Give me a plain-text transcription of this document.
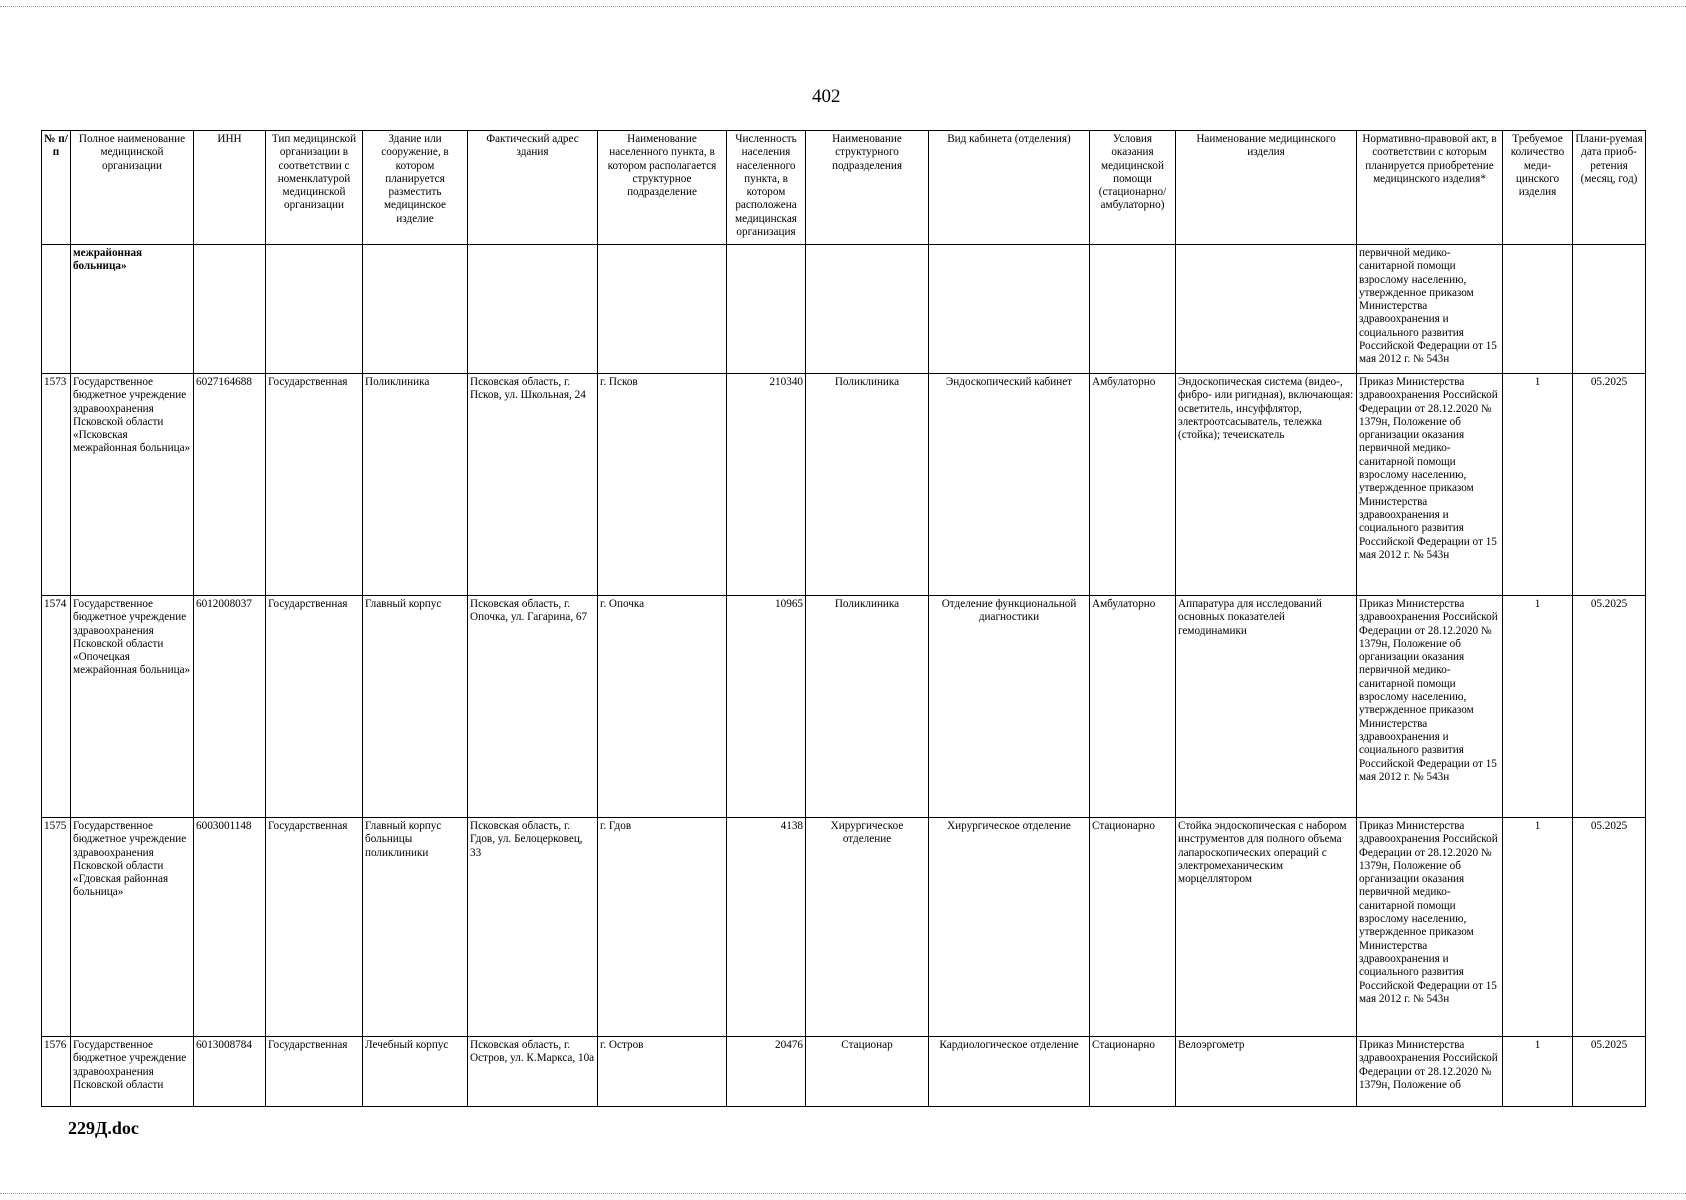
402
№ п/п	Полное наименование медицинской организации	ИНН	Тип медицинской организации в соответствии с номенклатурой медицинской организации	Здание или сооружение, в котором планируется разместить медицинское изделие	Фактический адрес здания	Наименование населенного пункта, в котором располагается структурное подразделение	Численность населения населенного пункта, в котором расположена медицинская организация	Наименование структурного подразделения	Вид кабинета (отделения)	Условия оказания медицинской помощи (стационарно/ амбулаторно)	Наименование медицинского изделия	Нормативно-правовой акт, в соответствии с которым планируется приобретение медицинского изделия*	Требуемое количество меди-цинского изделия	Плани-руемая дата приоб-ретения (месяц, год)
	межрайонная больница»											первичной медико-санитарной помощи взрослому населению, утвержденное приказом Министерства здравоохранения и социального развития Российской Федерации от 15 мая 2012 г. № 543н		
1573	Государственное бюджетное учреждение здравоохранения Псковской области «Псковская межрайонная больница»	6027164688	Государственная	Поликлиника	Псковская область, г. Псков, ул. Школьная, 24	г. Псков	210340	Поликлиника	Эндоскопический кабинет	Амбулаторно	Эндоскопическая система (видео-, фибро- или ригидная), включающая: осветитель, инсуффлятор, электроотсасыватель, тележка (стойка); течеискатель	Приказ Министерства здравоохранения Российской Федерации от 28.12.2020 № 1379н, Положение об организации оказания первичной медико-санитарной помощи взрослому населению, утвержденное приказом Министерства здравоохранения и социального развития Российской Федерации от 15 мая 2012 г. № 543н	1	05.2025
1574	Государственное бюджетное учреждение здравоохранения Псковской области «Опочецкая межрайонная больница»	6012008037	Государственная	Главный корпус	Псковская область, г. Опочка, ул. Гагарина, 67	г. Опочка	10965	Поликлиника	Отделение функциональной диагностики	Амбулаторно	Аппаратура для исследований основных показателей гемодинамики	Приказ Министерства здравоохранения Российской Федерации от 28.12.2020 № 1379н, Положение об организации оказания первичной медико-санитарной помощи взрослому населению, утвержденное приказом Министерства здравоохранения и социального развития Российской Федерации от 15 мая 2012 г. № 543н	1	05.2025
1575	Государственное бюджетное учреждение здравоохранения Псковской области «Гдовская районная больница»	6003001148	Государственная	Главный корпус больницы поликлиники	Псковская область, г. Гдов, ул. Белоцерковец, 33	г. Гдов	4138	Хирургическое отделение	Хирургическое отделение	Стационарно	Стойка эндоскопическая с набором инструментов для полного объема лапароскопических операций с электромеханическим морцеллятором	Приказ Министерства здравоохранения Российской Федерации от 28.12.2020 № 1379н, Положение об организации оказания первичной медико-санитарной помощи взрослому населению, утвержденное приказом Министерства здравоохранения и социального развития Российской Федерации от 15 мая 2012 г. № 543н	1	05.2025
1576	Государственное бюджетное учреждение здравоохранения Псковской области	6013008784	Государственная	Лечебный корпус	Псковская область, г. Остров, ул. К.Маркса, 10а	г. Остров	20476	Стационар	Кардиологическое отделение	Стационарно	Велоэргометр	Приказ Министерства здравоохранения Российской Федерации от 28.12.2020 № 1379н, Положение об	1	05.2025
229Д.doc
